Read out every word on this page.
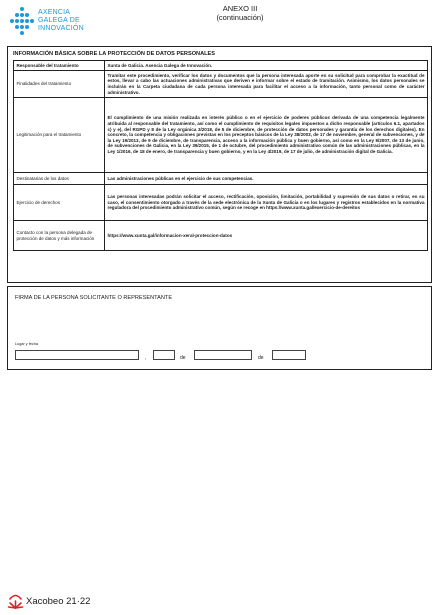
AXENCIA
GALEGA DE
INNOVACIÓN
ANEXO III
(continuación)
INFORMACIÓN BÁSICA SOBRE LA PROTECCIÓN DE DATOS PERSONALES
Responsable del tratamiento	Xunta de Galicia. Axencia Galega de Innovación.
Finalidades del tratamiento	Tramitar este procedimiento, verificar los datos y documentos que la persona interesada aporte en su solicitud para comprobar la exactitud de estos, llevar a cabo las actuaciones administrativas que deriven e informar sobre el estado de tramitación. Asimismo, los datos personales se incluirán en la Carpeta ciudadana de cada persona interesada para facilitar el acceso a la información, tanto personal como de carácter administrativo.
Legitimación para el tratamiento	El cumplimiento de una misión realizada en interés público o en el ejercicio de poderes públicos derivada de una competencia legalmente atribuida al responsable del tratamiento, así como el cumplimiento de requisitos legales impuestos a dicho responsable (artículos 6.1, apartados c) y e), del RGPD y 8 de la Ley orgánica 3/2018, de 5 de diciembre, de protección de datos personales y garantía de los derechos digitales). En concreto, la competencia y obligaciones previstas en los preceptos básicos de la Ley 38/2003, de 17 de noviembre, general de subvenciones, y de la Ley 19/2013, de 9 de diciembre, de transparencia, acceso a la información pública y buen gobierno, así como en la Ley 9/2007, de 13 de junio, de subvenciones de Galicia, en la Ley 39/2015, de 1 de octubre, del procedimiento administrativo común de las administraciones públicas, en la Ley 1/2016, de 18 de enero, de transparencia y buen gobierno, y en la Ley 4/2019, de 17 de julio, de administración digital de Galicia.
Destinatarias de los datos	Las administraciones públicas en el ejercicio de sus competencias.
Ejercicio de derechos	Las personas interesadas podrán solicitar el acceso, rectificación, oposición, limitación, portabilidad y supresión de sus datos o retirar, en su caso, el consentimiento otorgado a través de la sede electrónica de la Xunta de Galicia o en los lugares y registros establecidos en la normativa reguladora del procedimiento administrativo común, según se recoge en https://www.xunta.gal/exercicio-de-dereitos
Contacto con la persona delegada de protección de datos y más información	https://www.xunta.gal/informacion-xeral-proteccion-datos
FIRMA DE LA PERSONA SOLICITANTE O REPRESENTANTE
Lugar y fecha
,	de	de
Xacobeo 21·22
